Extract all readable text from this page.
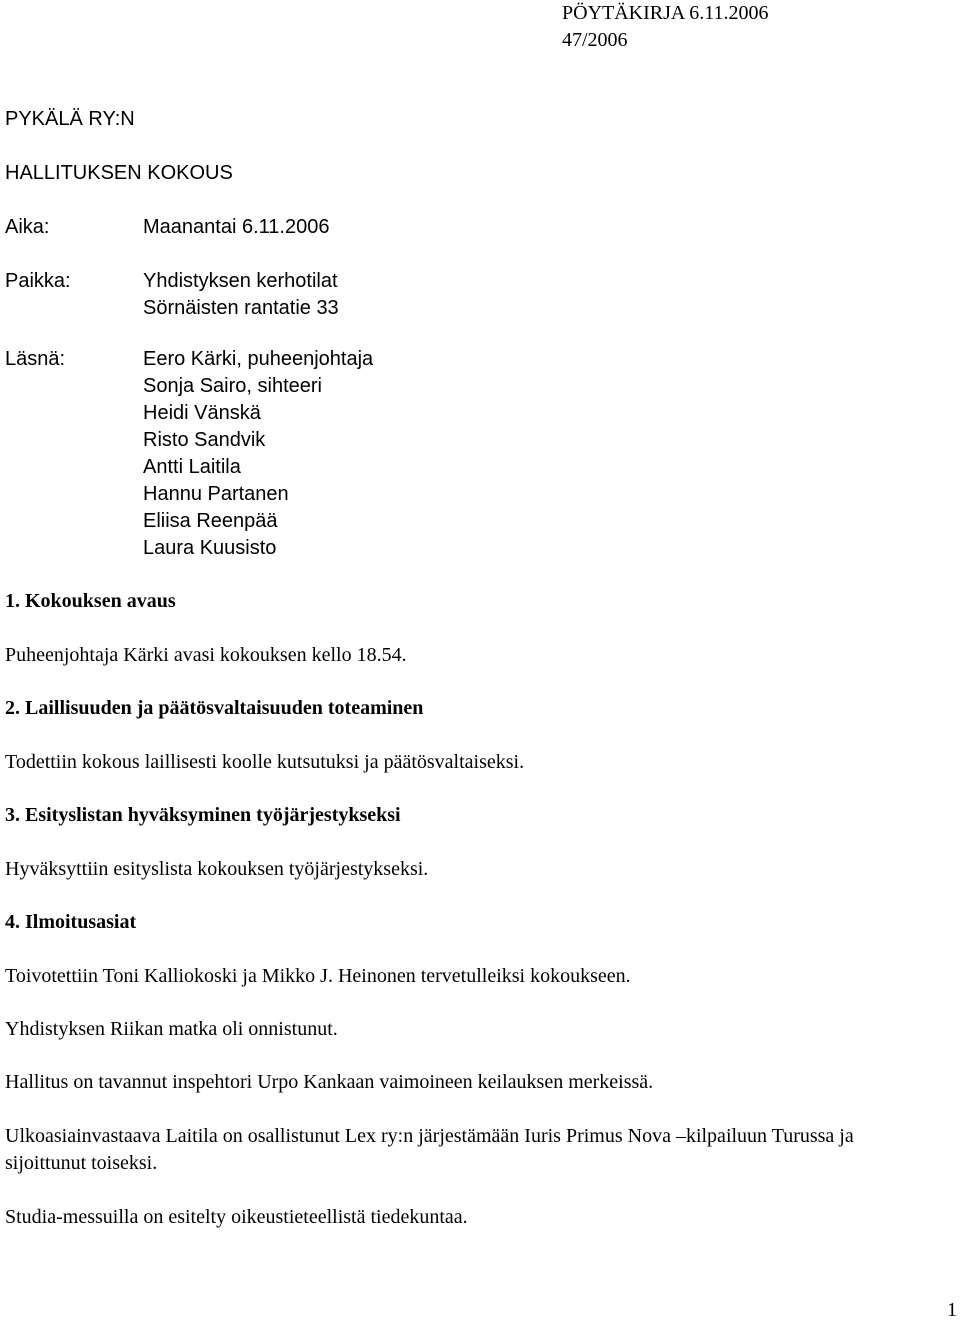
PÖYTÄKIRJA 6.11.2006
47/2006
PYKÄLÄ RY:N
HALLITUKSEN KOKOUS
Aika:	Maanantai 6.11.2006
Paikka:	Yhdistyksen kerhotilat
Sörnäisten rantatie 33
Läsnä:	Eero Kärki, puheenjohtaja
Sonja Sairo, sihteeri
Heidi Vänskä
Risto Sandvik
Antti Laitila
Hannu Partanen
Eliisa Reenpää
Laura Kuusisto
1. Kokouksen avaus
Puheenjohtaja Kärki avasi kokouksen kello 18.54.
2. Laillisuuden ja päätösvaltaisuuden toteaminen
Todettiin kokous laillisesti koolle kutsutuksi ja päätösvaltaiseksi.
3. Esityslistan hyväksyminen työjärjestykseksi
Hyväksyttiin esityslista kokouksen työjärjestykseksi.
4. Ilmoitusasiat
Toivotettiin Toni Kalliokoski ja Mikko J. Heinonen tervetulleiksi kokoukseen.
Yhdistyksen Riikan matka oli onnistunut.
Hallitus on tavannut inspehtori Urpo Kankaan vaimoineen keilauksen merkeissä.
Ulkoasiainvastaava Laitila on osallistunut Lex ry:n järjestämään Iuris Primus Nova –kilpailuun Turussa ja sijoittunut toiseksi.
Studia-messuilla on esitelty oikeustieteellistä tiedekuntaa.
1
